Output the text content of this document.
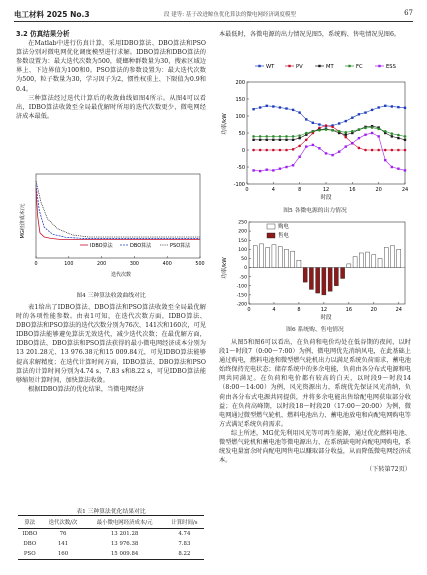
电工材料 2025 No.3	段 建等: 基于改进鲸鱼优化算法的微电网经济调度模型	67
3.2 仿真结果分析

在Matlab中进行仿真计算，采用IDBO算法、DBO算法和PSO算法分别对微电网优化调度模型进行求解。IDBO算法和DBO算法的参数设置为：最大迭代次数为500，蜣螂种群数量为30，搜索区域边界上、下边界值为100和0。PSO算法的参数设置为：最大迭代次数为500，粒子数量为30，学习因子为2，惯性权重上、下限值为0.9和0.4。

三种算法经过迭代计算后的收敛曲线如图4所示。从图4可以看出，IDBO算法收敛至全局最优解时所用的迭代次数更少，微电网经济成本最低。

0	100	200	300	400	500
IDBO算法	DBO算法	PSO算法
迭代次数
MG经济成本/元
图4 三种算法收敛曲线对比

表1给出了IDBO算法、DBO算法和PSO算法收敛至全局最优解时的各项性能参数。由表1可知，在迭代次数方面，IDBO算法、DBO算法和PSO算法的迭代次数分别为76次、141次和160次，可见IDBO算法能够避免算法无效迭代，减少迭代次数；在最优解方面，IDBO算法、DBO算法和PSO算法获得的最小微电网经济成本分别为13 201.28元、13 976.38元和15 009.84元，可见IDBO算法能够提高求解精度；在迭代计算时间方面，IDBO算法、DBO算法和PSO算法的计算时间分别为4.74 s、7.83 s和8.22 s，可见IDBO算法能够缩短计算时间，加快算法收敛。

根据IDBO算法的优化结果，当微电网经济

表1 三种算法优化结果对比
算法	迭代次数/次	最小微电网经济成本/元	计算时间/s
IDBO	76	13 201.28	4.74
DBO	141	13 976.38	7.83
PSO	160	15 009.84	8.22

本最低时，各微电源的出力情况见图5，系统购、售电情况见图6。

-100
-50
0
50
100
150
200
0	4	8	12	16	20	24
WT	PV	MT	FC	ESS
时段
功率/kW
图5 各微电源的出力情况
-200
-150
-100
-50
0
50
100
150
200
250
0	4	8	12	16	20	24
购电
售电
时段
功率/kW
图6 系统购、售电情况

从图5和图6可以看出，在负荷和电价均处在低谷期的夜间，以时段1～时段7（0:00～7:00）为例，微电网优先消纳风电，在此基础上通过购电，燃料电池和微型燃气轮机出力以满足系统负荷需求，蓄电池始终保持充电状态；储存系统中的多余电能，负荷由各分布式电源和电网共同满足。在负荷和电价都有较高的白天，以时段9～时段14（8:00～14:00）为例，风光资源出力，系统优先保证风光消纳，负荷由各分布式电源共同提供，并将多余电能出售给配电网获取部分收益；在负荷高峰期，以时段18～时段20（17:00～20:00）为例，微电网通过微型燃气轮机、燃料电池出力、蓄电池放电和向配电网购电等方式满足系统负荷需求。

综上所述，MG优先利用风光等可再生能源，通过优化燃料电池、微型燃气轮机和蓄电池等微电源出力，在系统缺电时向配电网购电，系统发电量富余时向配电网售电以赚取部分收益，从而降低微电网经济成本。

（下转第72页）
